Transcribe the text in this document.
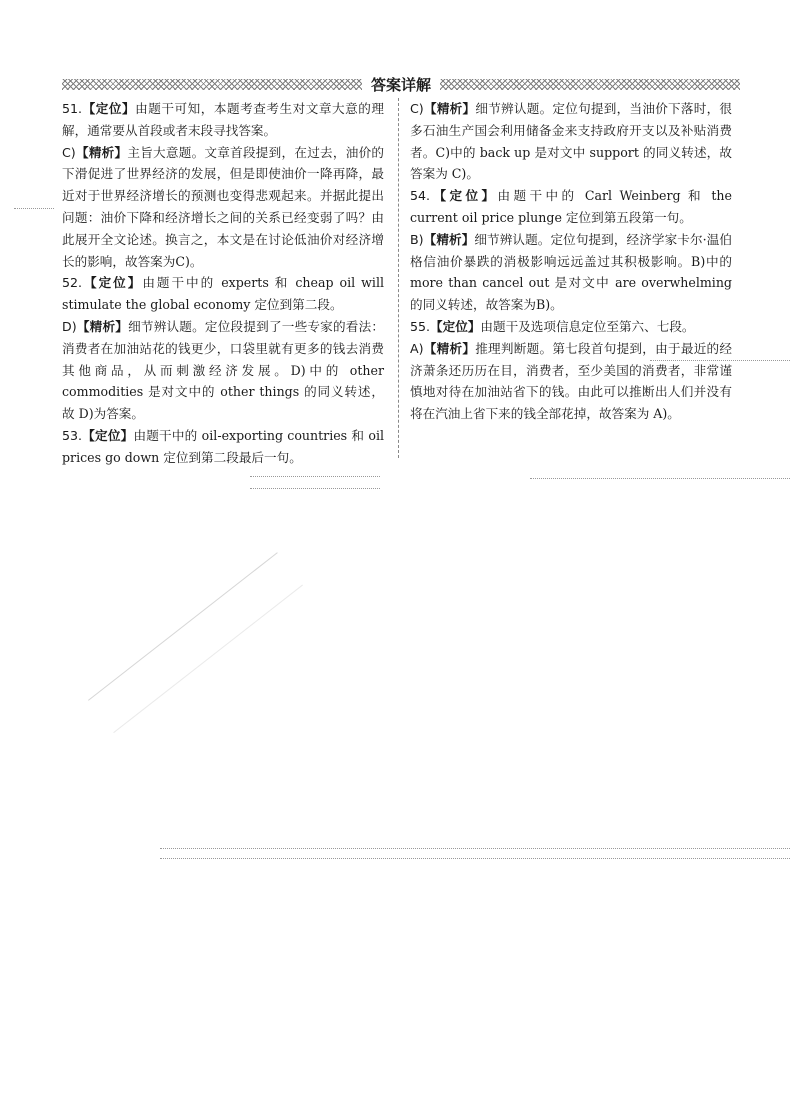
答案详解

51.【定位】由题干可知，本题考查考生对文章大意的理解，通常要从首段或者末段寻找答案。

C)【精析】主旨大意题。文章首段提到，在过去，油价的下滑促进了世界经济的发展，但是即使油价一降再降，最近对于世界经济增长的预测也变得悲观起来。并据此提出问题：油价下降和经济增长之间的关系已经变弱了吗？由此展开全文论述。换言之，本文是在讨论低油价对经济增长的影响，故答案为C)。

52.【定位】由题干中的 experts 和 cheap oil will stimulate the global economy 定位到第二段。

D)【精析】细节辨认题。定位段提到了一些专家的看法：消费者在加油站花的钱更少，口袋里就有更多的钱去消费其他商品，从而刺激经济发展。D)中的 other commodities 是对文中的 other things 的同义转述，故 D)为答案。

53.【定位】由题干中的 oil-exporting countries 和 oil prices go down 定位到第二段最后一句。

C)【精析】细节辨认题。定位句提到，当油价下落时，很多石油生产国会利用储备金来支持政府开支以及补贴消费者。C)中的 back up 是对文中 support 的同义转述，故答案为 C)。

54.【定位】由题干中的 Carl Weinberg 和 the current oil price plunge 定位到第五段第一句。

B)【精析】细节辨认题。定位句提到，经济学家卡尔·温伯格信油价暴跌的消极影响远远盖过其积极影响。B)中的 more than cancel out 是对文中 are overwhelming 的同义转述，故答案为B)。

55.【定位】由题干及选项信息定位至第六、七段。

A)【精析】推理判断题。第七段首句提到，由于最近的经济萧条还历历在目，消费者，至少美国的消费者，非常谨慎地对待在加油站省下的钱。由此可以推断出人们并没有将在汽油上省下来的钱全部花掉，故答案为 A)。
